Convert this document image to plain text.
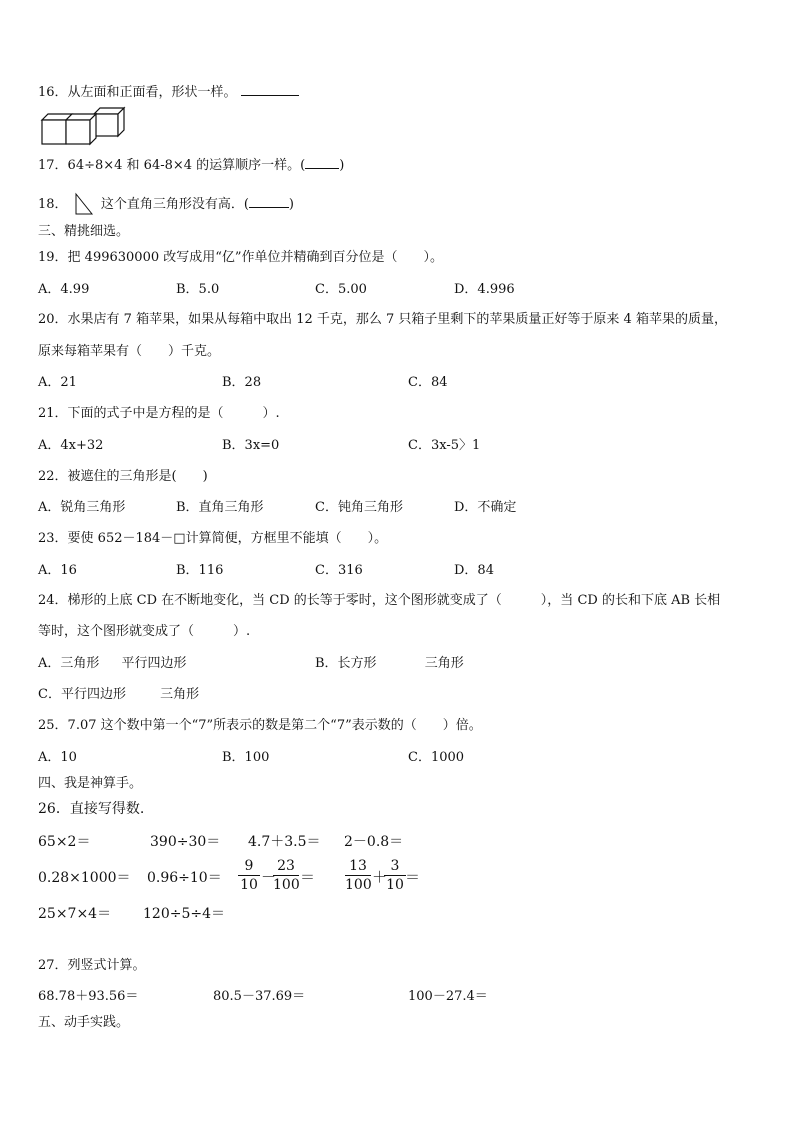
16．从左面和正面看，形状一样。
17．64÷8×4 和 64-8×4 的运算顺序一样。(	)
18．	这个直角三角形没有高．(	)
三、精挑细选。
19．把 499630000 改写成用“亿”作单位并精确到百分位是（　　）。
A．4.99	B．5.0	C．5.00	D．4.996
20．水果店有 7 箱苹果，如果从每箱中取出 12 千克，那么 7 只箱子里剩下的苹果质量正好等于原来 4 箱苹果的质量，
原来每箱苹果有（　　）千克。
A．21	B．28	C．84
21．下面的式子中是方程的是（　　　）.
A．4x+32	B．3x=0	C．3x-5〉1
22．被遮住的三角形是(　　)
A．锐角三角形	B．直角三角形	C．钝角三角形	D．不确定
23．要使 652－184－□计算简便，方框里不能填（　　）。
A．16	B．116	C．316	D．84
24．梯形的上底 CD 在不断地变化，当 CD 的长等于零时，这个图形就变成了（　　　），当 CD 的长和下底 AB 长相
等时，这个图形就变成了（　　　）.
A．三角形 平行四边形	B．长方形	三角形
C．平行四边形	三角形
25．7.07 这个数中第一个“7”所表示的数是第二个“7”表示数的（　　）倍。
A．10	B．100	C．1000
四、我是神算手。
26．直接写得数.
65×2＝	390÷30＝ 4.7＋3.5＝ 2－0.8＝
0.28×1000＝ 0.96÷10＝
9
10 －
23
100 ＝
13
100 ＋
3
10 ＝
25×7×4＝ 120÷5÷4＝
27．列竖式计算。
68.78＋93.56＝	80.5－37.69＝	100－27.4＝
五、动手实践。
